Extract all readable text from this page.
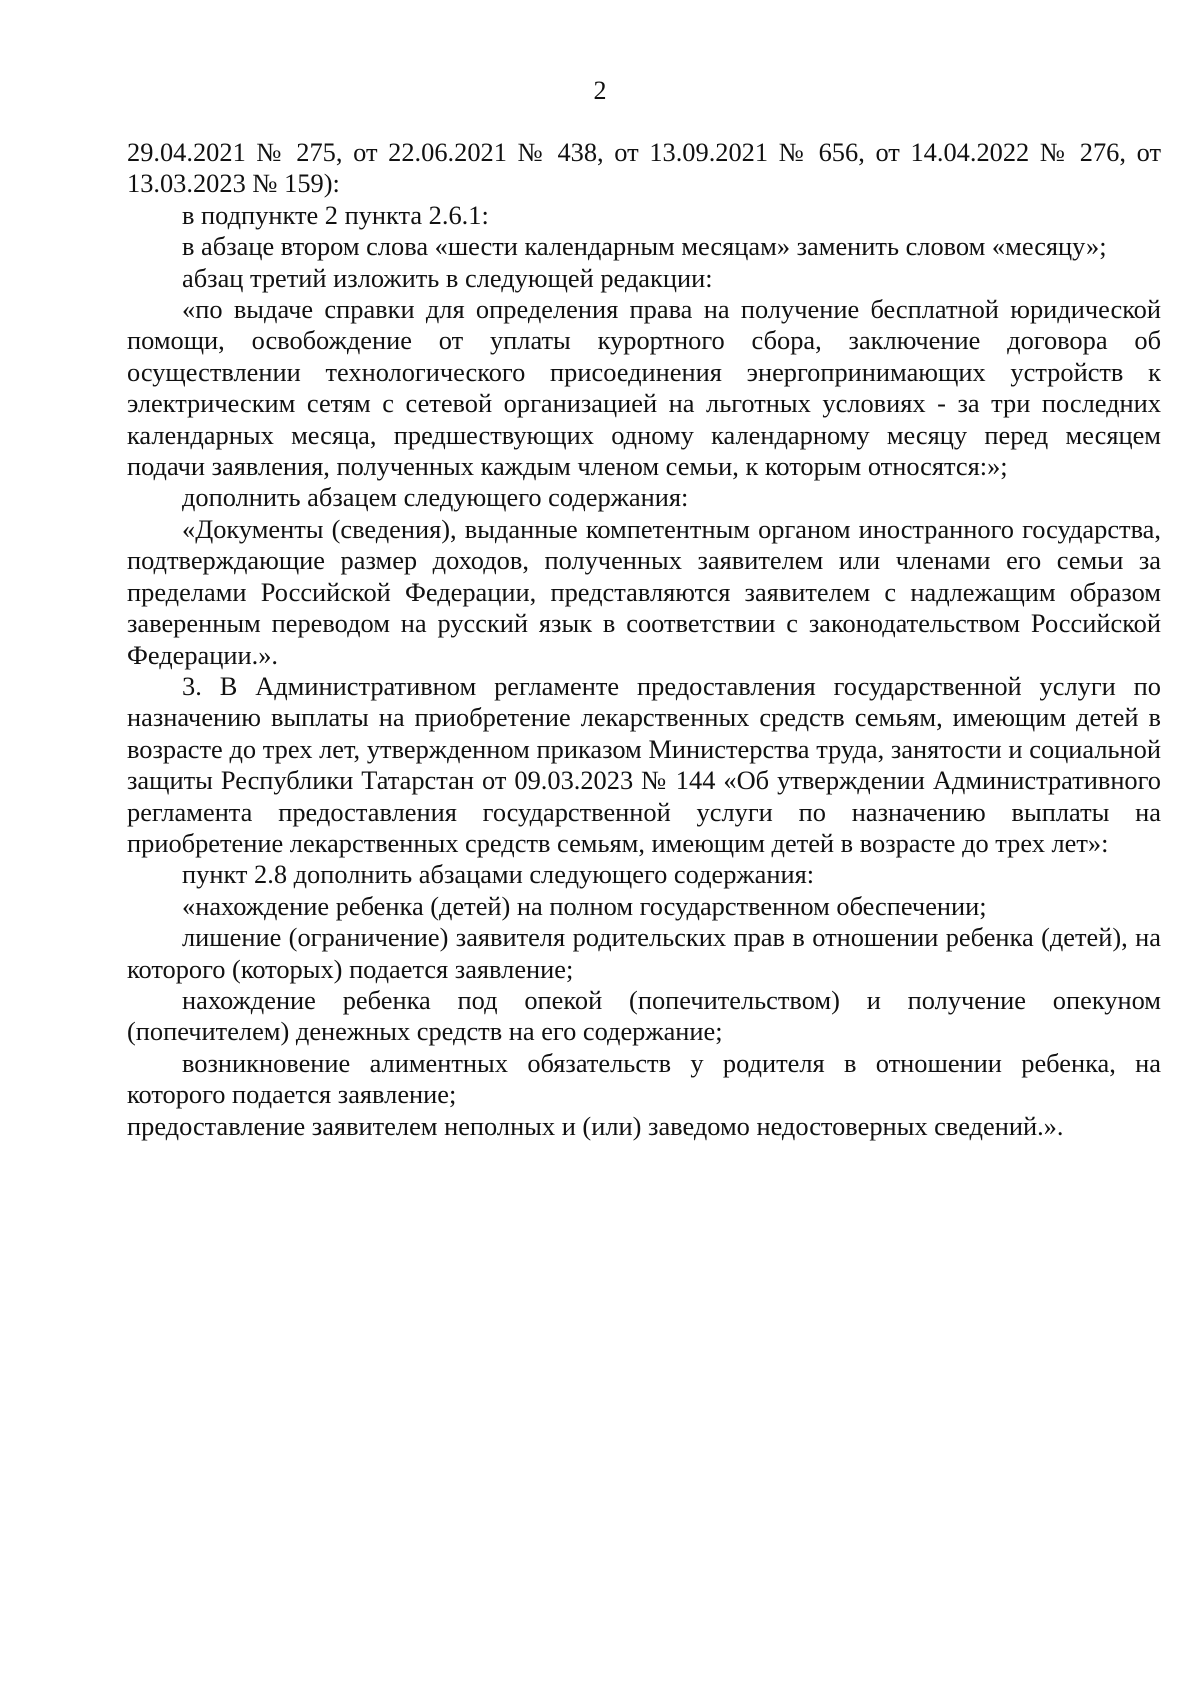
2

29.04.2021 № 275, от 22.06.2021 № 438, от 13.09.2021 № 656, от 14.04.2022 № 276, от 13.03.2023 № 159):

в подпункте 2 пункта 2.6.1:

в абзаце втором слова «шести календарным месяцам» заменить словом «месяцу»;

абзац третий изложить в следующей редакции:

«по выдаче справки для определения права на получение бесплатной юридической помощи, освобождение от уплаты курортного сбора, заключение договора об осуществлении технологического присоединения энергопринимающих устройств к электрическим сетям с сетевой организацией на льготных условиях - за три последних календарных месяца, предшествующих одному календарному месяцу перед месяцем подачи заявления, полученных каждым членом семьи, к которым относятся:»;

дополнить абзацем следующего содержания:

«Документы (сведения), выданные компетентным органом иностранного государства, подтверждающие размер доходов, полученных заявителем или членами его семьи за пределами Российской Федерации, представляются заявителем с надлежащим образом заверенным переводом на русский язык в соответствии с законодательством Российской Федерации.».

3. В Административном регламенте предоставления государственной услуги по назначению выплаты на приобретение лекарственных средств семьям, имеющим детей в возрасте до трех лет, утвержденном приказом Министерства труда, занятости и социальной защиты Республики Татарстан от 09.03.2023 № 144 «Об утверждении Административного регламента предоставления государственной услуги по назначению выплаты на приобретение лекарственных средств семьям, имеющим детей в возрасте до трех лет»:

пункт 2.8 дополнить абзацами следующего содержания:

«нахождение ребенка (детей) на полном государственном обеспечении;

лишение (ограничение) заявителя родительских прав в отношении ребенка (детей), на которого (которых) подается заявление;

нахождение ребенка под опекой (попечительством) и получение опекуном (попечителем) денежных средств на его содержание;

возникновение алиментных обязательств у родителя в отношении ребенка, на которого подается заявление;

предоставление заявителем неполных и (или) заведомо недостоверных сведений.».
